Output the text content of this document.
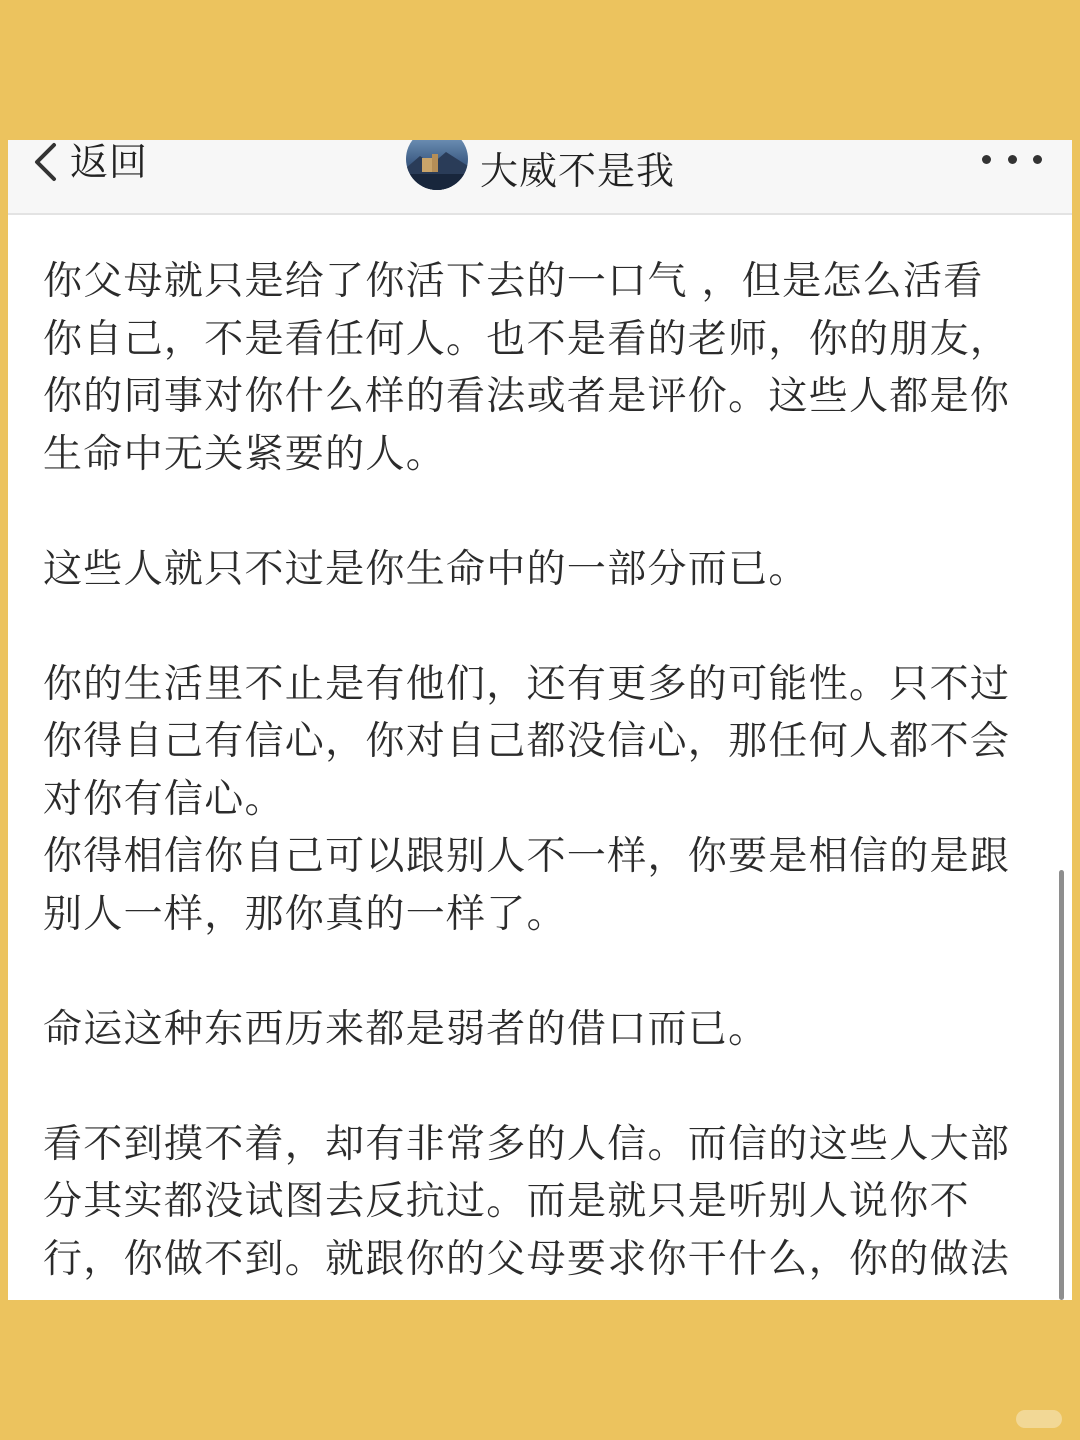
返回	大威不是我

你父母就只是给了你活下去的一口气 ，但是怎么活看
你自己，不是看任何人。也不是看的老师，你的朋友，
你的同事对你什么样的看法或者是评价。这些人都是你
生命中无关紧要的人。

这些人就只不过是你生命中的一部分而已。

你的生活里不止是有他们，还有更多的可能性。只不过
你得自己有信心，你对自己都没信心，那任何人都不会
对你有信心。

你得相信你自己可以跟别人不一样，你要是相信的是跟
别人一样，那你真的一样了。

命运这种东西历来都是弱者的借口而已。

看不到摸不着，却有非常多的人信。而信的这些人大部
分其实都没试图去反抗过。而是就只是听别人说你不
行，你做不到。就跟你的父母要求你干什么，你的做法
